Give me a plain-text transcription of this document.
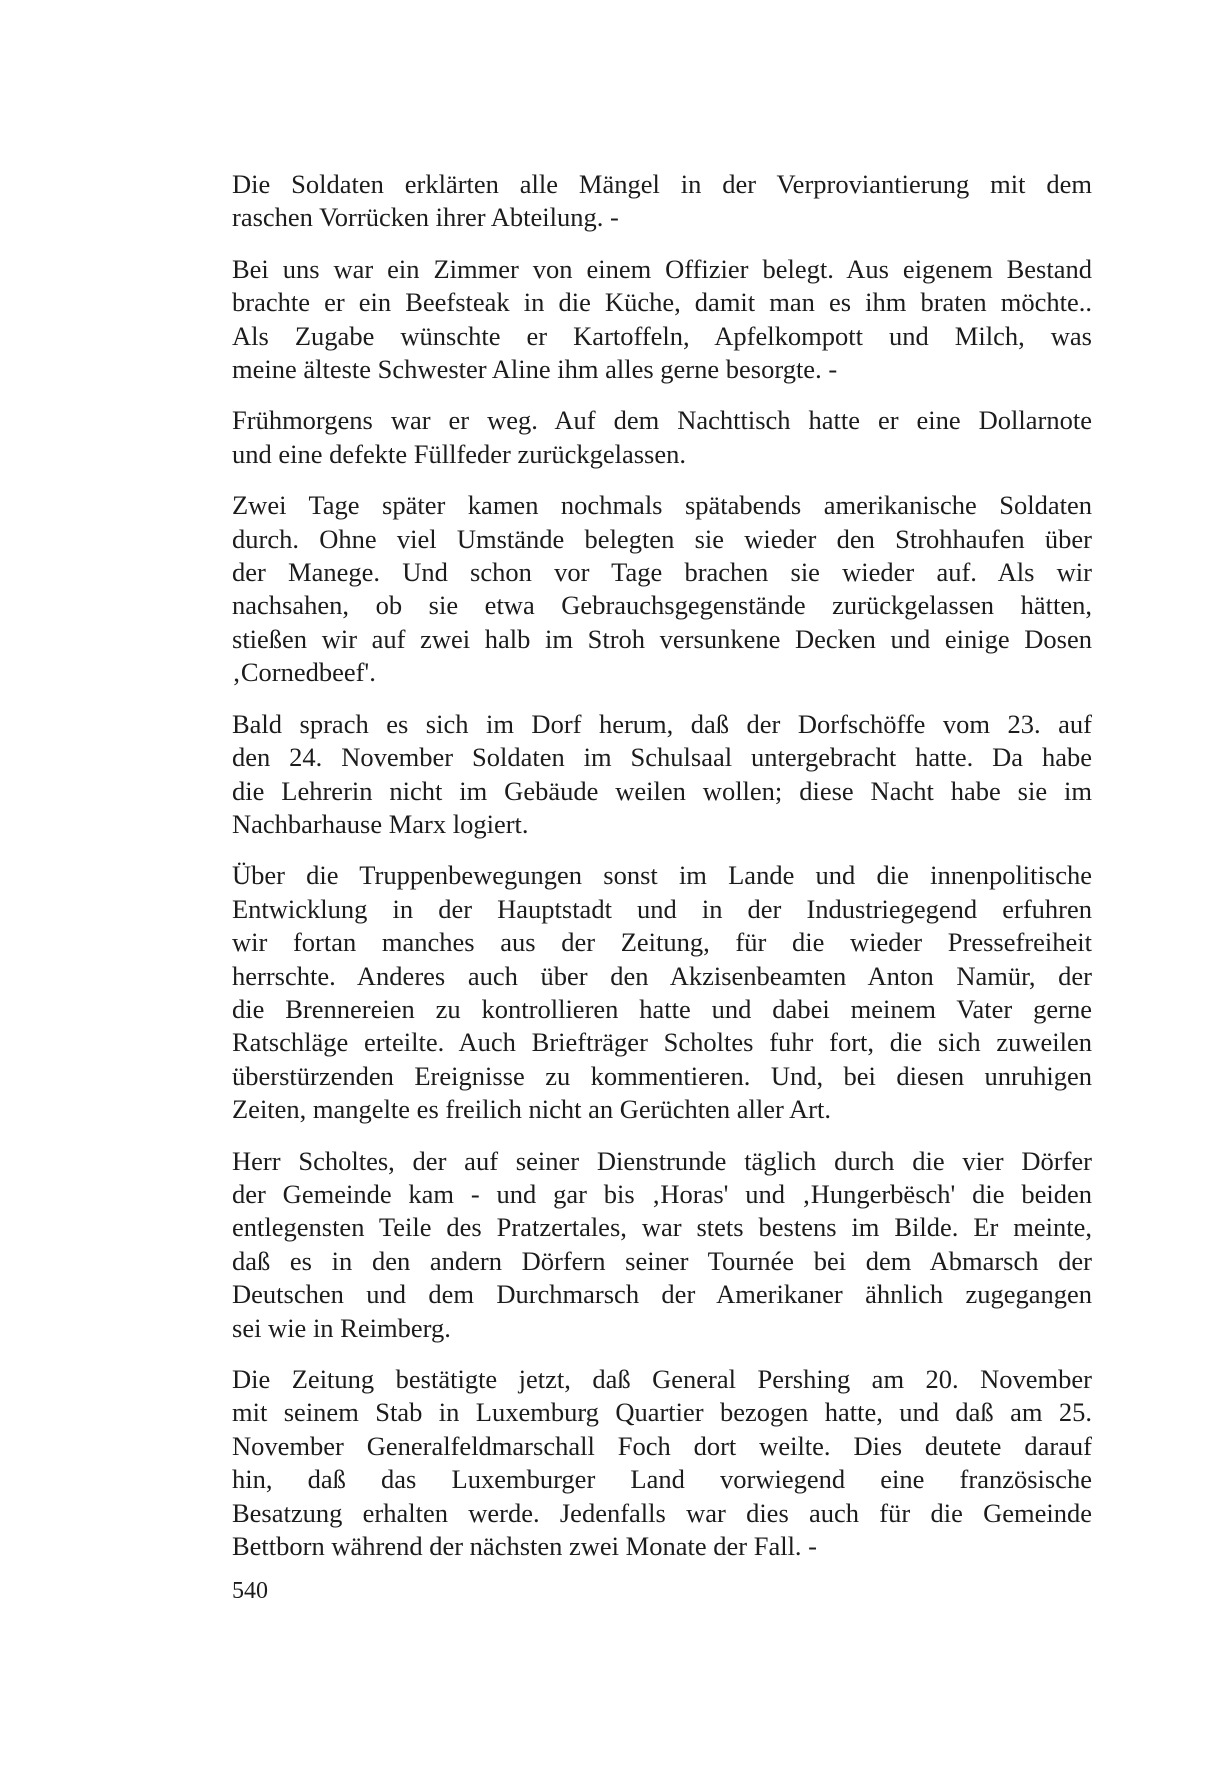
Die Soldaten erklärten alle Mängel in der Verproviantierung mit dem
raschen Vorrücken ihrer Abteilung. -

Bei uns war ein Zimmer von einem Offizier belegt. Aus eigenem Bestand
brachte er ein Beefsteak in die Küche, damit man es ihm braten möchte..
Als Zugabe wünschte er Kartoffeln, Apfelkompott und Milch, was
meine älteste Schwester Aline ihm alles gerne besorgte. -

Frühmorgens war er weg. Auf dem Nachttisch hatte er eine Dollarnote
und eine defekte Füllfeder zurückgelassen.

Zwei Tage später kamen nochmals spätabends amerikanische Soldaten
durch. Ohne viel Umstände belegten sie wieder den Strohhaufen über
der Manege. Und schon vor Tage brachen sie wieder auf. Als wir
nachsahen, ob sie etwa Gebrauchsgegenstände zurückgelassen hätten,
stießen wir auf zwei halb im Stroh versunkene Decken und einige Dosen
‚Cornedbeef'.

Bald sprach es sich im Dorf herum, daß der Dorfschöffe vom 23. auf
den 24. November Soldaten im Schulsaal untergebracht hatte. Da habe
die Lehrerin nicht im Gebäude weilen wollen; diese Nacht habe sie im
Nachbarhause Marx logiert.

Über die Truppenbewegungen sonst im Lande und die innenpolitische
Entwicklung in der Hauptstadt und in der Industriegegend erfuhren
wir fortan manches aus der Zeitung, für die wieder Pressefreiheit
herrschte. Anderes auch über den Akzisenbeamten Anton Namür, der
die Brennereien zu kontrollieren hatte und dabei meinem Vater gerne
Ratschläge erteilte. Auch Briefträger Scholtes fuhr fort, die sich zuweilen
überstürzenden Ereignisse zu kommentieren. Und, bei diesen unruhigen
Zeiten, mangelte es freilich nicht an Gerüchten aller Art.

Herr Scholtes, der auf seiner Dienstrunde täglich durch die vier Dörfer
der Gemeinde kam - und gar bis ‚Horas' und ‚Hungerbësch' die beiden
entlegensten Teile des Pratzertales, war stets bestens im Bilde. Er meinte,
daß es in den andern Dörfern seiner Tournée bei dem Abmarsch der
Deutschen und dem Durchmarsch der Amerikaner ähnlich zugegangen
sei wie in Reimberg.

Die Zeitung bestätigte jetzt, daß General Pershing am 20. November
mit seinem Stab in Luxemburg Quartier bezogen hatte, und daß am 25.
November Generalfeldmarschall Foch dort weilte. Dies deutete darauf
hin, daß das Luxemburger Land vorwiegend eine französische
Besatzung erhalten werde. Jedenfalls war dies auch für die Gemeinde
Bettborn während der nächsten zwei Monate der Fall. -

540
